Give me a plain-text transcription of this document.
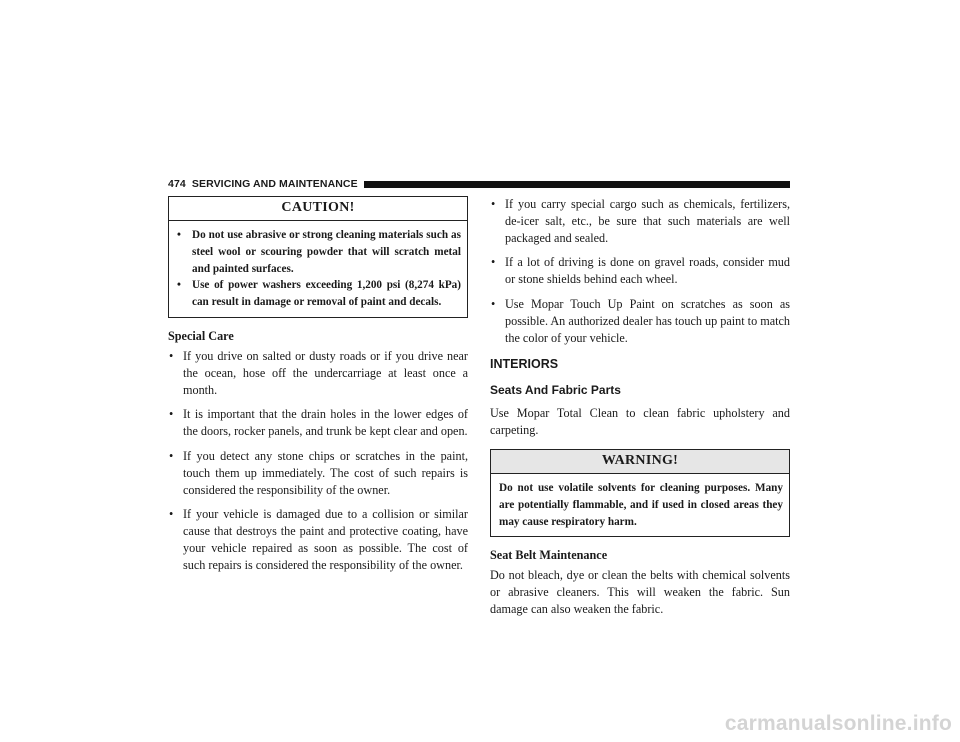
474 SERVICING AND MAINTENANCE
CAUTION!
• Do not use abrasive or strong cleaning materials such as steel wool or scouring powder that will scratch metal and painted surfaces.
• Use of power washers exceeding 1,200 psi (8,274 kPa) can result in damage or removal of paint and decals.
Special Care
• If you drive on salted or dusty roads or if you drive near the ocean, hose off the undercarriage at least once a month.
• It is important that the drain holes in the lower edges of the doors, rocker panels, and trunk be kept clear and open.
• If you detect any stone chips or scratches in the paint, touch them up immediately. The cost of such repairs is considered the responsibility of the owner.
• If your vehicle is damaged due to a collision or similar cause that destroys the paint and protective coating, have your vehicle repaired as soon as possible. The cost of such repairs is considered the responsibility of the owner.
• If you carry special cargo such as chemicals, fertilizers, de-icer salt, etc., be sure that such materials are well packaged and sealed.
• If a lot of driving is done on gravel roads, consider mud or stone shields behind each wheel.
• Use Mopar Touch Up Paint on scratches as soon as possible. An authorized dealer has touch up paint to match the color of your vehicle.
INTERIORS
Seats And Fabric Parts

Use Mopar Total Clean to clean fabric upholstery and carpeting.

WARNING!

Do not use volatile solvents for cleaning purposes. Many are potentially flammable, and if used in closed areas they may cause respiratory harm.

Seat Belt Maintenance

Do not bleach, dye or clean the belts with chemical solvents or abrasive cleaners. This will weaken the fabric. Sun damage can also weaken the fabric.

carmanualsonline.info
